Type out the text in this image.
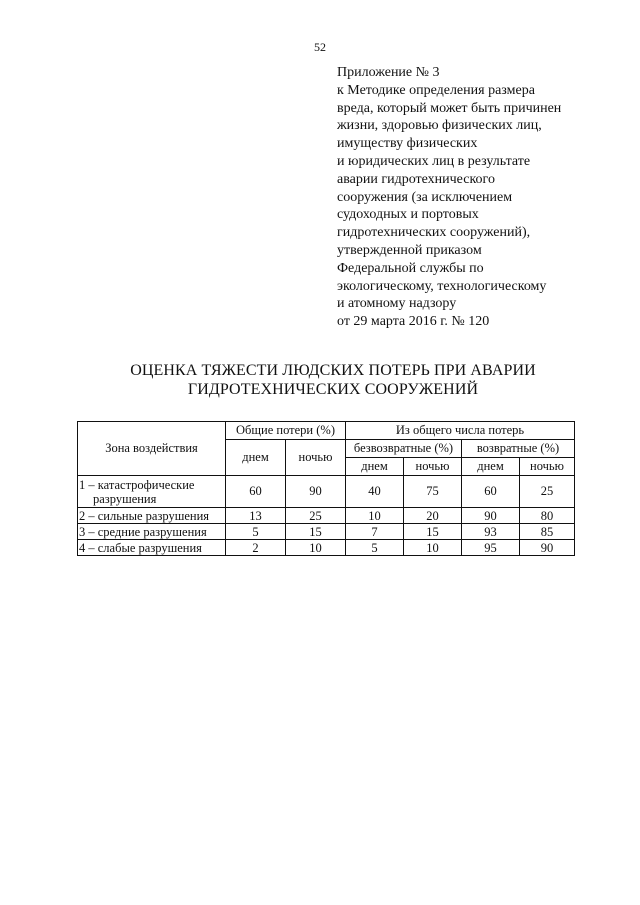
52
Приложение № 3
к Методике определения размера
вреда, который может быть причинен
жизни, здоровью физических лиц,
имуществу физических
и юридических лиц в результате
аварии гидротехнического
сооружения (за исключением
судоходных и портовых
гидротехнических сооружений),
утвержденной приказом
Федеральной службы по
экологическому, технологическому
и атомному надзору
от 29 марта 2016 г. № 120
ОЦЕНКА ТЯЖЕСТИ ЛЮДСКИХ ПОТЕРЬ ПРИ АВАРИИ
ГИДРОТЕХНИЧЕСКИХ СООРУЖЕНИЙ
Зона воздействия	Общие потери (%)		Из общего числа потерь			
	днем	ночью	безвозвратные (%)		возвратные (%)	
			днем	ночью	днем	ночью
1 – катастрофические
разрушения	60	90	40	75	60	25
2 – сильные разрушения	13	25	10	20	90	80
3 – средние разрушения	5	15	7	15	93	85
4 – слабые разрушения	2	10	5	10	95	90
